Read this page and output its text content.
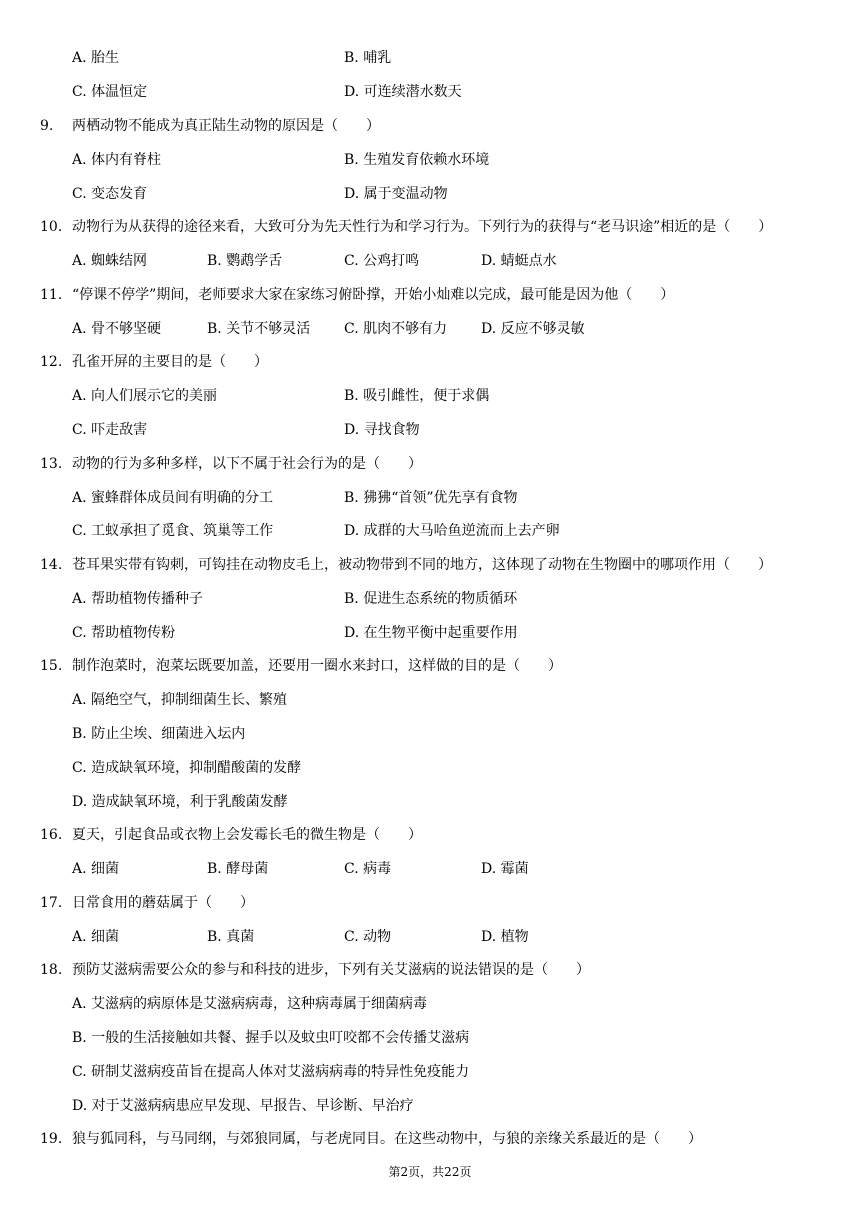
A. 胎生	B. 哺乳
C. 体温恒定	D. 可连续潜水数天
9. 两栖动物不能成为真正陆生动物的原因是（　　）
A. 体内有脊柱	B. 生殖发育依赖水环境
C. 变态发育	D. 属于变温动物
10. 动物行为从获得的途径来看，大致可分为先天性行为和学习行为。下列行为的获得与“老马识途”相近的是（　　）
A. 蜘蛛结网	B. 鹦鹉学舌	C. 公鸡打鸣	D. 蜻蜓点水
11. “停课不停学”期间，老师要求大家在家练习俯卧撑，开始小灿难以完成，最可能是因为他（　　）
A. 骨不够坚硬	B. 关节不够灵活 C. 肌肉不够有力 D. 反应不够灵敏
12. 孔雀开屏的主要目的是（　　）
A. 向人们展示它的美丽	B. 吸引雌性，便于求偶
C. 吓走敌害	D. 寻找食物
13. 动物的行为多种多样，以下不属于社会行为的是（　　）
A. 蜜蜂群体成员间有明确的分工	B. 狒狒“首领”优先享有食物
C. 工蚁承担了觅食、筑巢等工作	D. 成群的大马哈鱼逆流而上去产卵
14. 苍耳果实带有钩刺，可钩挂在动物皮毛上，被动物带到不同的地方，这体现了动物在生物圈中的哪项作用（　　）
A. 帮助植物传播种子	B. 促进生态系统的物质循环
C. 帮助植物传粉	D. 在生物平衡中起重要作用
15. 制作泡菜时，泡菜坛既要加盖，还要用一圈水来封口，这样做的目的是（　　）
A. 隔绝空气，抑制细菌生长、繁殖
B. 防止尘埃、细菌进入坛内
C. 造成缺氧环境，抑制醋酸菌的发酵
D. 造成缺氧环境，利于乳酸菌发酵
16. 夏天，引起食品或衣物上会发霉长毛的微生物是（　　）
A. 细菌	B. 酵母菌	C. 病毒	D. 霉菌
17. 日常食用的蘑菇属于（　　）
A. 细菌	B. 真菌	C. 动物	D. 植物
18. 预防艾滋病需要公众的参与和科技的进步，下列有关艾滋病的说法错误的是（　　）
A. 艾滋病的病原体是艾滋病病毒，这种病毒属于细菌病毒
B. 一般的生活接触如共餐、握手以及蚊虫叮咬都不会传播艾滋病
C. 研制艾滋病疫苗旨在提高人体对艾滋病病毒的特异性免疫能力
D. 对于艾滋病病患应早发现、早报告、早诊断、早治疗
19. 狼与狐同科，与马同纲，与郊狼同属，与老虎同目。在这些动物中，与狼的亲缘关系最近的是（　　）
第2页，共22页
